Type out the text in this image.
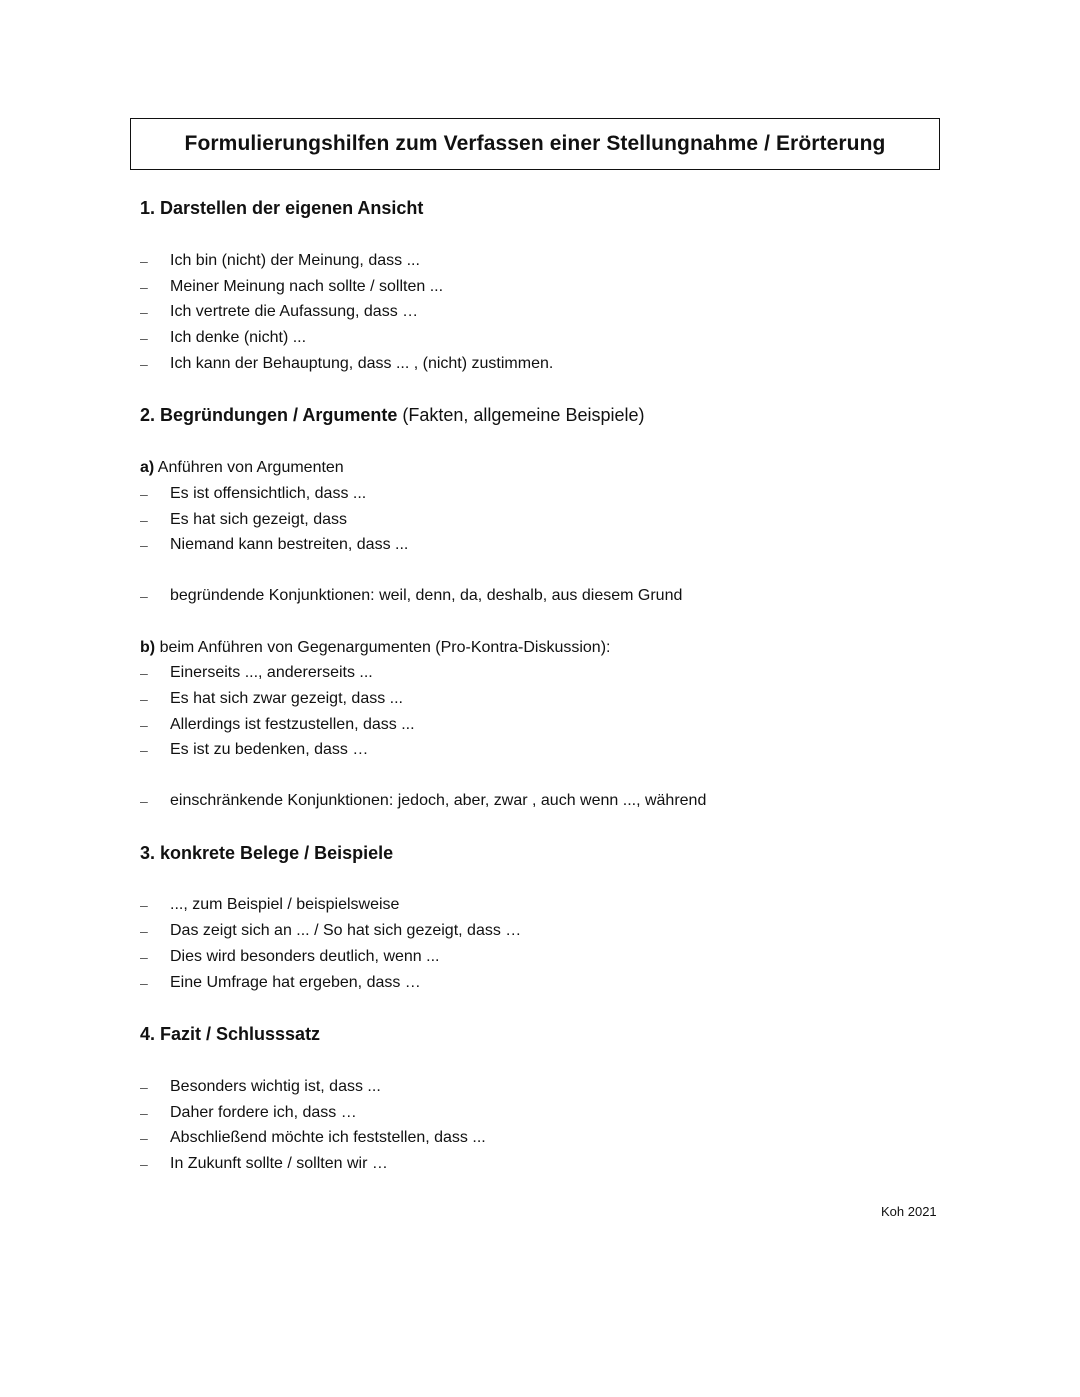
Formulierungshilfen zum Verfassen einer Stellungnahme / Erörterung
1. Darstellen der eigenen Ansicht
– Ich bin (nicht) der Meinung, dass ...
– Meiner Meinung nach sollte / sollten ...
– Ich vertrete die Aufassung, dass …
– Ich denke (nicht) ...
– Ich kann der Behauptung, dass ... , (nicht) zustimmen.
2. Begründungen / Argumente (Fakten, allgemeine Beispiele)
a) Anführen von Argumenten
– Es ist offensichtlich, dass ...
– Es hat sich gezeigt, dass
– Niemand kann bestreiten, dass ...
– begründende Konjunktionen: weil, denn, da, deshalb, aus diesem Grund
b) beim Anführen von Gegenargumenten (Pro-Kontra-Diskussion):
– Einerseits ..., andererseits ...
– Es hat sich zwar gezeigt, dass ...
– Allerdings ist festzustellen, dass ...
– Es ist zu bedenken, dass …
– einschränkende Konjunktionen: jedoch, aber, zwar , auch wenn ..., während
3. konkrete Belege / Beispiele
– ..., zum Beispiel / beispielsweise
– Das zeigt sich an ... / So hat sich gezeigt, dass …
– Dies wird besonders deutlich, wenn ...
– Eine Umfrage hat ergeben, dass …
4. Fazit / Schlusssatz
– Besonders wichtig ist, dass ...
– Daher fordere ich, dass …
– Abschließend möchte ich feststellen, dass ...
– In Zukunft sollte / sollten wir …
Koh 2021
